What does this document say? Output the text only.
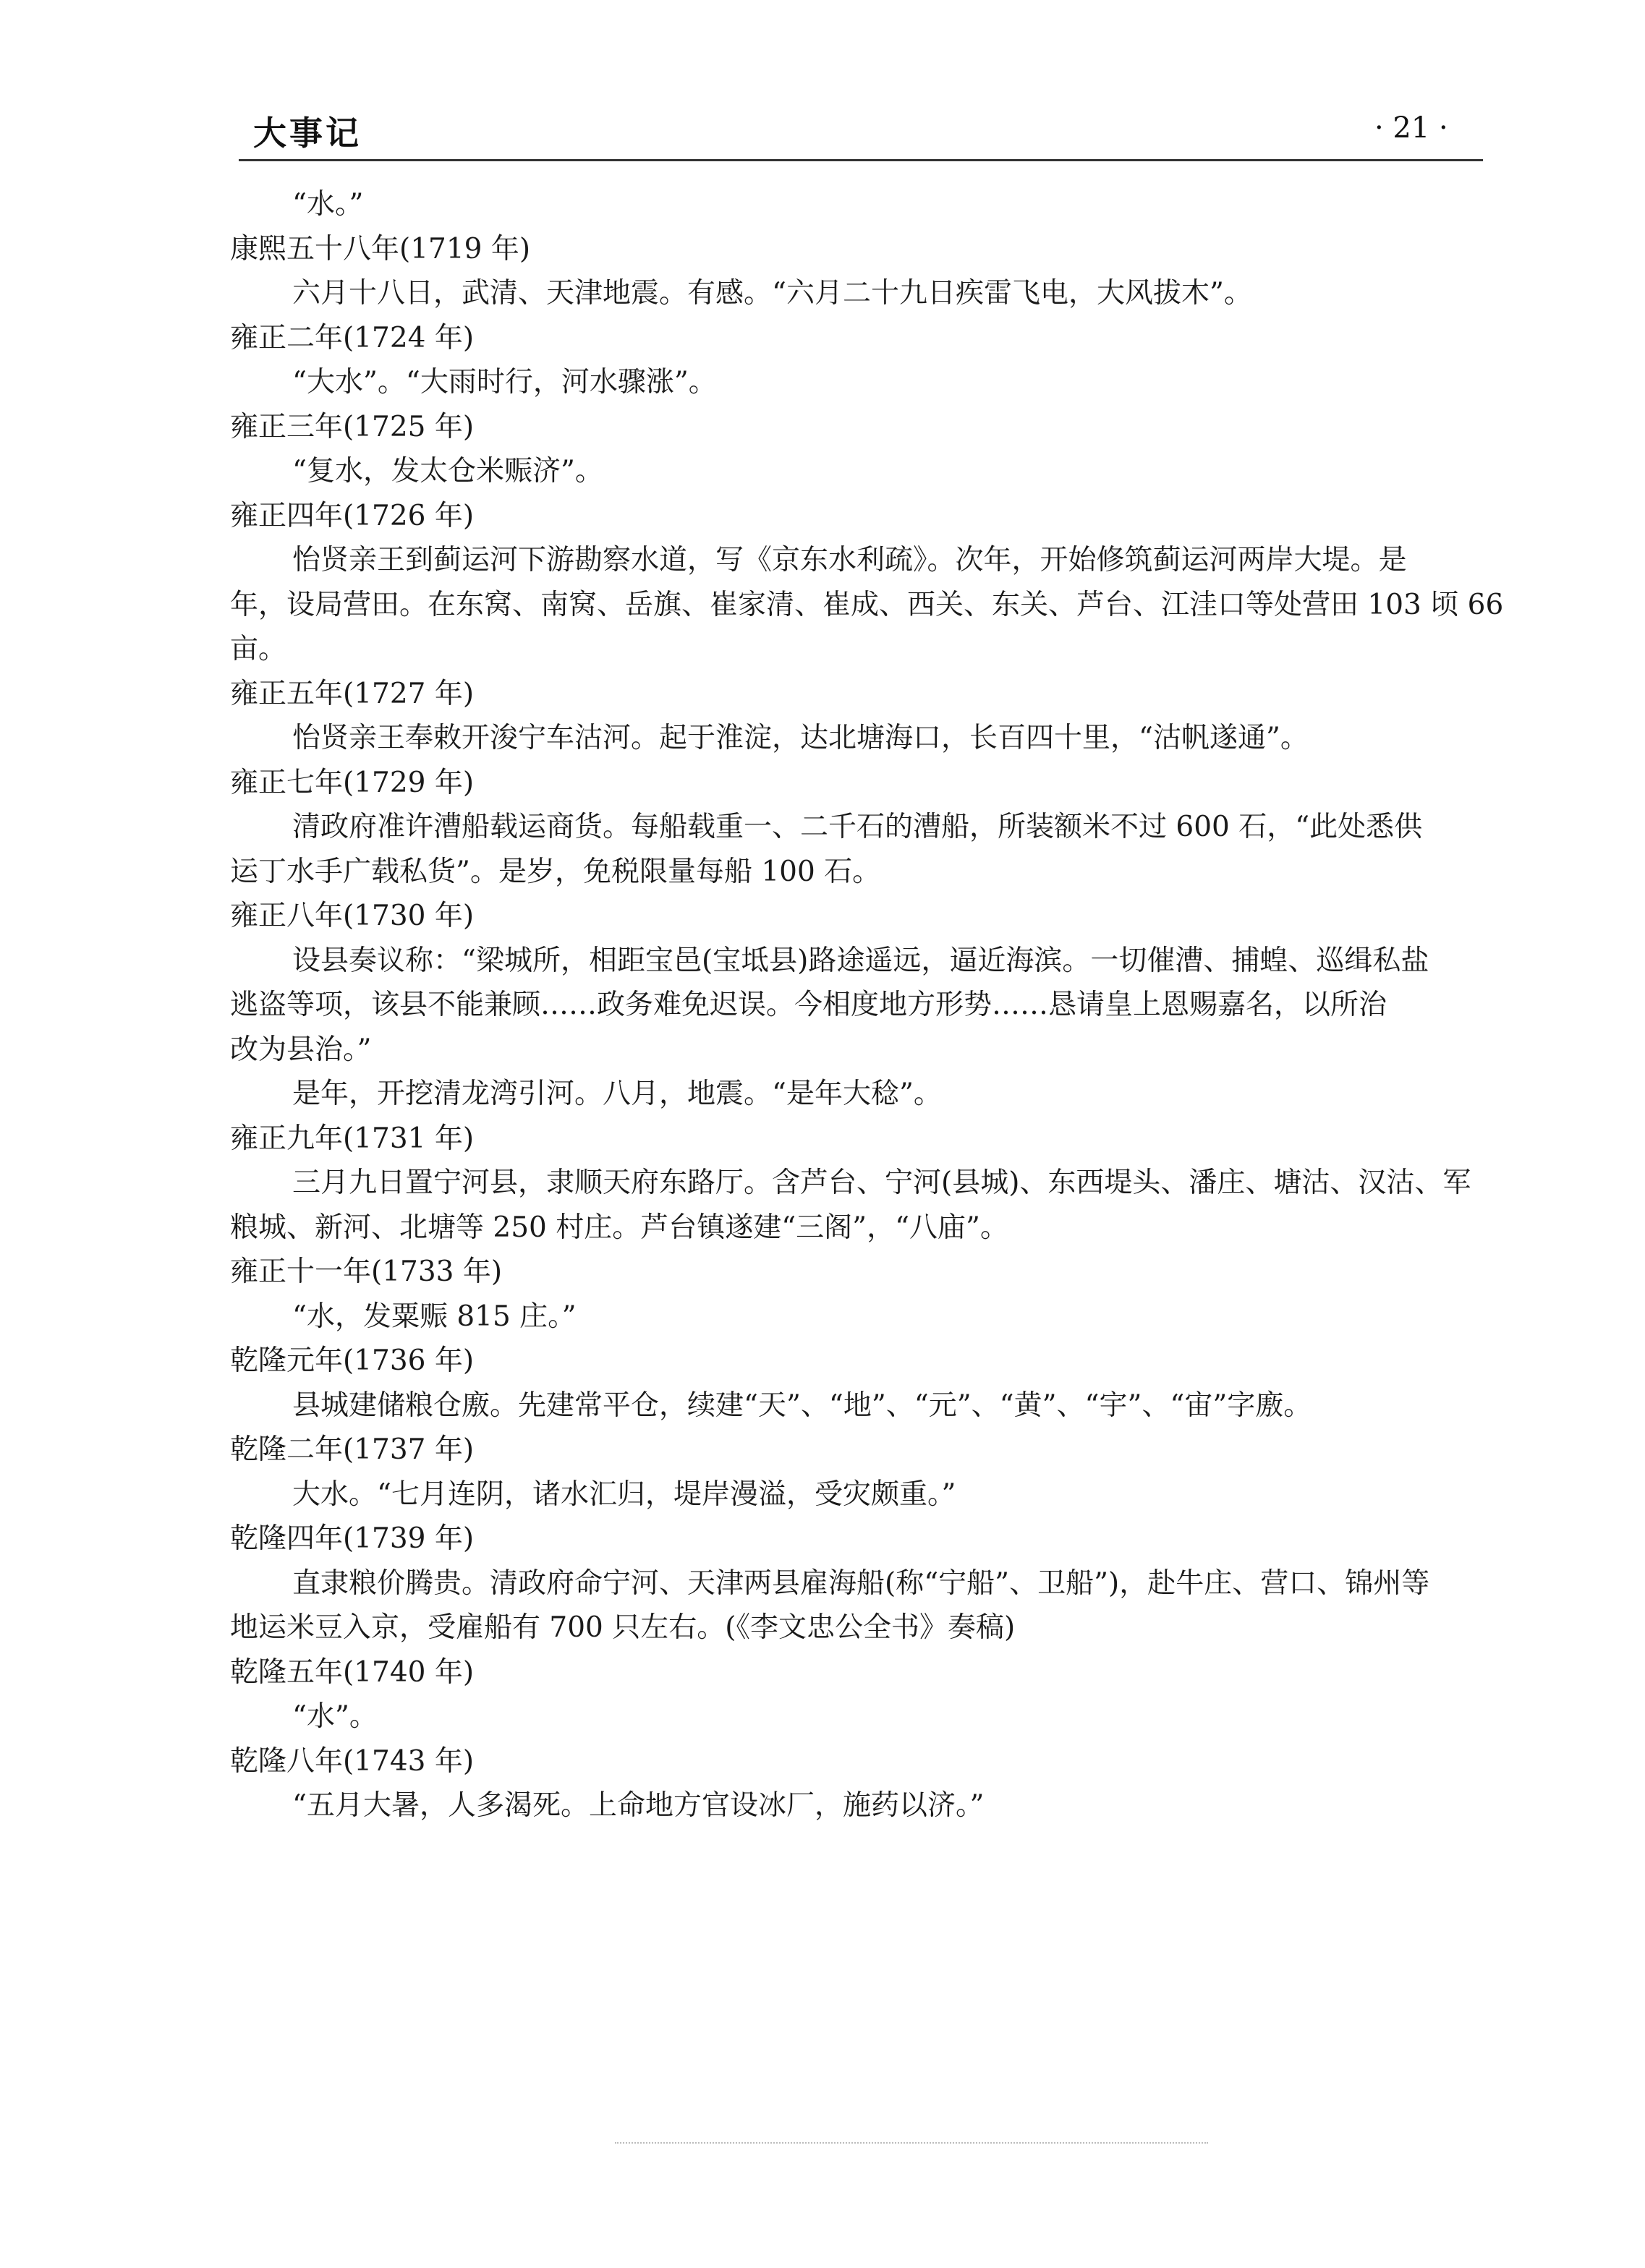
大事记	· 21 ·
“水。”
康熙五十八年(1719 年)
六月十八日，武清、天津地震。有感。“六月二十九日疾雷飞电，大风拔木”。
雍正二年(1724 年)
“大水”。“大雨时行，河水骤涨”。
雍正三年(1725 年)
“复水，发太仓米赈济”。
雍正四年(1726 年)
怡贤亲王到蓟运河下游勘察水道，写《京东水利疏》。次年，开始修筑蓟运河两岸大堤。是
年，设局营田。在东窝、南窝、岳旗、崔家清、崔成、西关、东关、芦台、江洼口等处营田 103 顷 66
亩。
雍正五年(1727 年)
怡贤亲王奉敕开浚宁车沽河。起于淮淀，达北塘海口，长百四十里，“沽帆遂通”。
雍正七年(1729 年)
清政府准许漕船载运商货。每船载重一、二千石的漕船，所装额米不过 600 石，“此处悉供
运丁水手广载私货”。是岁，免税限量每船 100 石。
雍正八年(1730 年)
设县奏议称：“梁城所，相距宝邑(宝坻县)路途遥远，逼近海滨。一切催漕、捕蝗、巡缉私盐
逃盗等项，该县不能兼顾……政务难免迟误。今相度地方形势……恳请皇上恩赐嘉名，以所治
改为县治。”
是年，开挖清龙湾引河。八月，地震。“是年大稔”。
雍正九年(1731 年)
三月九日置宁河县，隶顺天府东路厅。含芦台、宁河(县城)、东西堤头、潘庄、塘沽、汉沽、军
粮城、新河、北塘等 250 村庄。芦台镇遂建“三阁”，“八庙”。
雍正十一年(1733 年)
“水，发粟赈 815 庄。”
乾隆元年(1736 年)
县城建储粮仓廒。先建常平仓，续建“天”、“地”、“元”、“黄”、“宇”、“宙”字廒。
乾隆二年(1737 年)
大水。“七月连阴，诸水汇归，堤岸漫溢，受灾颇重。”
乾隆四年(1739 年)
直隶粮价腾贵。清政府命宁河、天津两县雇海船(称“宁船”、卫船”)，赴牛庄、营口、锦州等
地运米豆入京，受雇船有 700 只左右。(《李文忠公全书》奏稿)
乾隆五年(1740 年)
“水”。
乾隆八年(1743 年)
“五月大暑，人多渴死。上命地方官设冰厂，施药以济。”
